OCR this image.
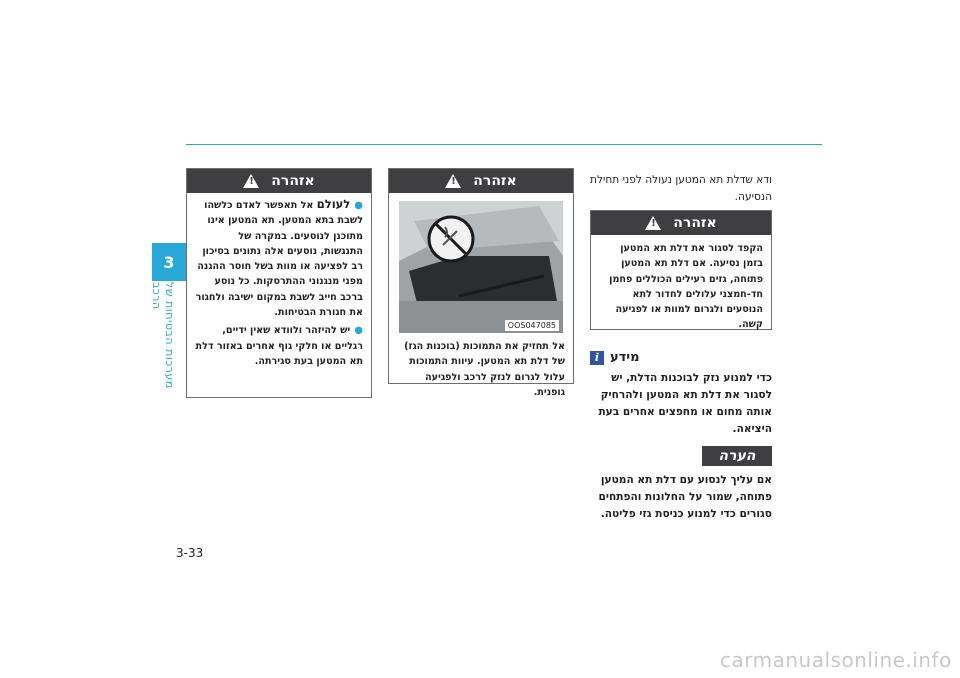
3
מערכות הבטיחות של הרכב
! אזהרה
●לעולם אל תאפשר לאדם כלשהו לשבת בתא המטען. תא המטען אינו מתוכנן לנוסעים. במקרה של התנגשות, נוסעים אלה נתונים בסיכון רב לפציעה או מוות בשל חוסר ההגנה מפני מנגנוני ההתרסקות. כל נוסע ברכב חייב לשבת במקום ישיבה ולחגור את חגורת הבטיחות.
●יש להיזהר ולוודא שאין ידיים, רגליים או חלקי גוף אחרים באזור דלת תא המטען בעת סגירתה.
! אזהרה
OOS047085
אל תחזיק את התמוכות (בוכנות הגז) של דלת תא המטען. עיוות התמוכות עלול לגרום לנזק לרכב ולפגיעה גופנית.
ודא שדלת תא המטען נעולה לפני תחילת הנסיעה.
! אזהרה
הקפד לסגור את דלת תא המטען בזמן נסיעה. אם דלת תא המטען פתוחה, גזים רעילים הכוללים פחמן חד-חמצני עלולים לחדור לתא הנוסעים ולגרום למוות או לפגיעה קשה.
מידע
i
כדי למנוע נזק לבוכנות הדלת, יש לסגור את דלת תא המטען ולהרחיק אותה מחום או מחפצים אחרים בעת היציאה.
הערה
אם עליך לנסוע עם דלת תא המטען פתוחה, שמור על החלונות והפתחים סגורים כדי למנוע כניסת גזי פליטה.
3-33
carmanualsonline.info
